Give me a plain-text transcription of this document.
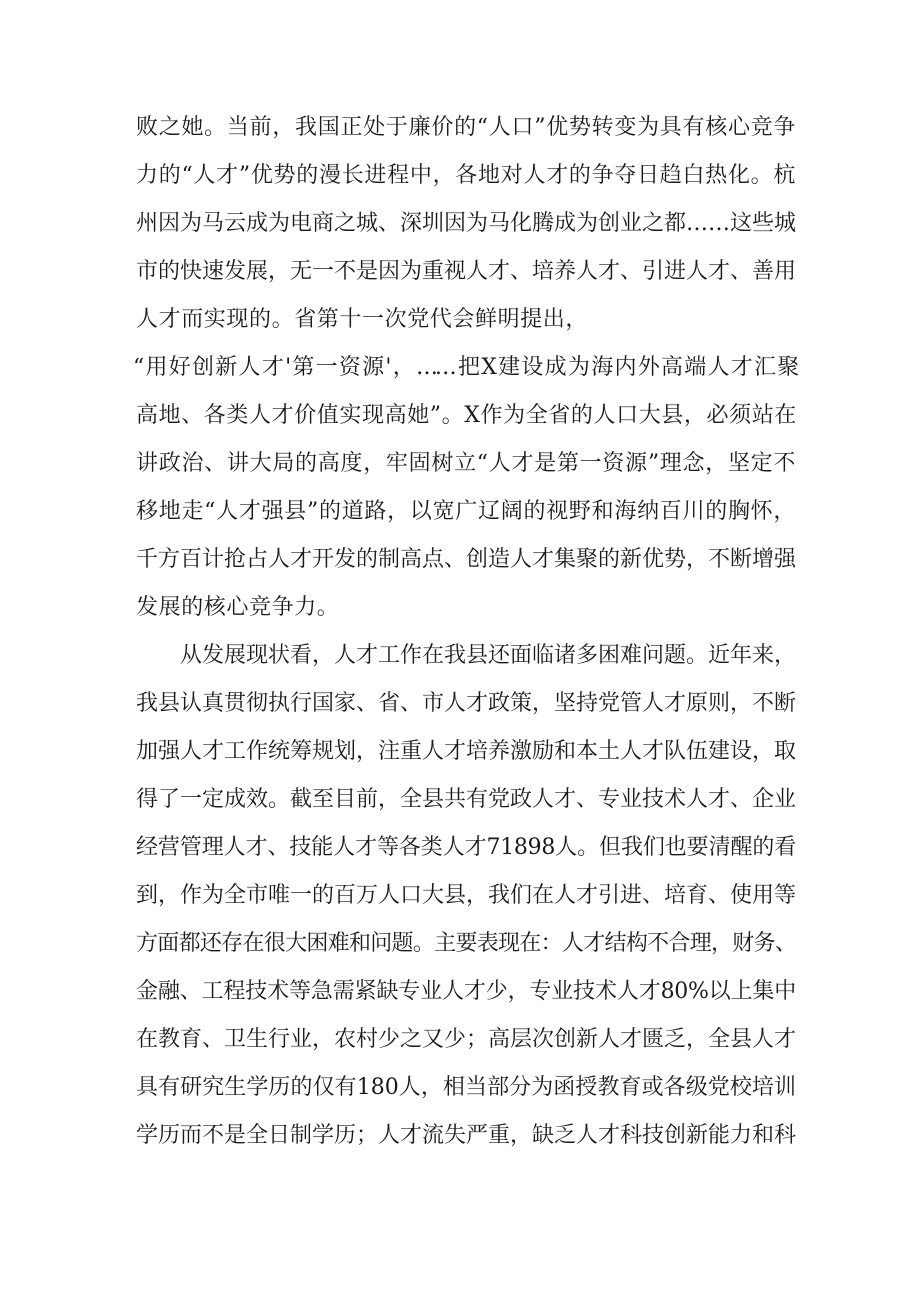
败之她。当前，我国正处于廉价的“人口”优势转变为具有核心竞争
力的“人才”优势的漫长进程中，各地对人才的争夺日趋白热化。杭
州因为马云成为电商之城、深圳因为马化腾成为创业之都……这些城
市的快速发展，无一不是因为重视人才、培养人才、引进人才、善用
人才而实现的。省第十一次党代会鲜明提出，
“用好创新人才'第一资源'，……把X建设成为海内外高端人才汇聚
高地、各类人才价值实现高她”。X作为全省的人口大县，必须站在
讲政治、讲大局的高度，牢固树立“人才是第一资源”理念，坚定不
移地走“人才强县”的道路，以宽广辽阔的视野和海纳百川的胸怀，
千方百计抢占人才开发的制高点、创造人才集聚的新优势，不断增强
发展的核心竞争力。
从发展现状看，人才工作在我县还面临诸多困难问题。近年来，
我县认真贯彻执行国家、省、市人才政策，坚持党管人才原则，不断
加强人才工作统筹规划，注重人才培养激励和本土人才队伍建设，取
得了一定成效。截至目前，全县共有党政人才、专业技术人才、企业
经营管理人才、技能人才等各类人才71898人。但我们也要清醒的看
到，作为全市唯一的百万人口大县，我们在人才引进、培育、使用等
方面都还存在很大困难和问题。主要表现在：人才结构不合理，财务、
金融、工程技术等急需紧缺专业人才少，专业技术人才80%以上集中
在教育、卫生行业，农村少之又少；高层次创新人才匮乏，全县人才
具有研究生学历的仅有180人，相当部分为函授教育或各级党校培训
学历而不是全日制学历；人才流失严重，缺乏人才科技创新能力和科
